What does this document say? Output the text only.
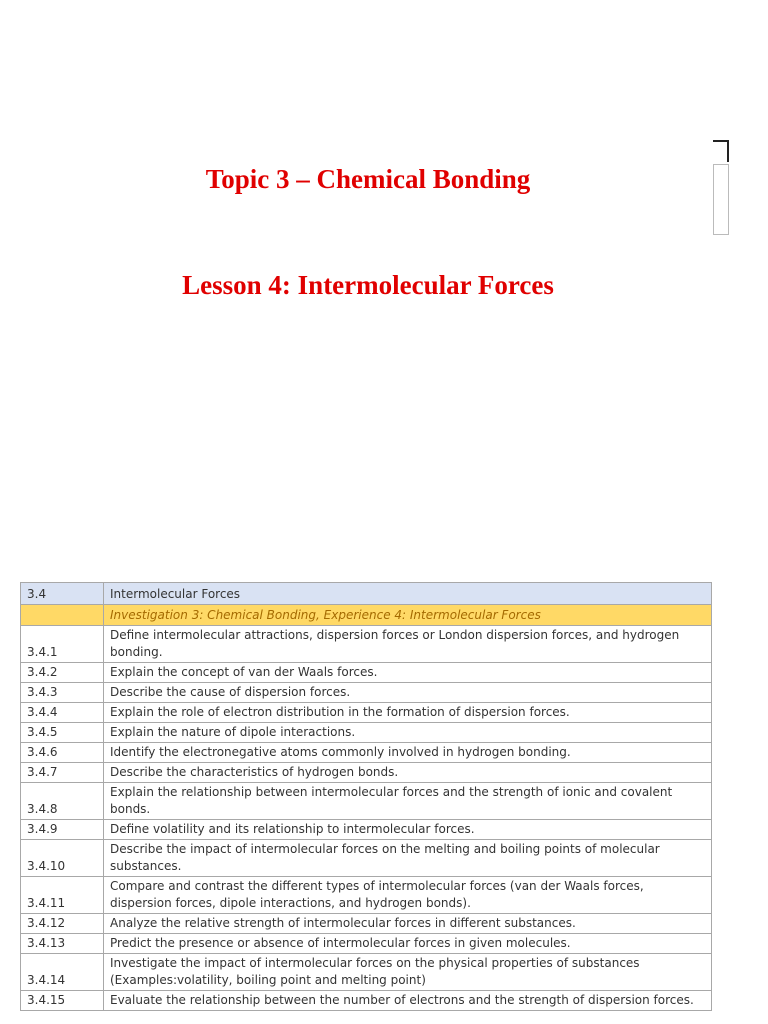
Topic 3 – Chemical Bonding
Lesson 4: Intermolecular Forces
3.4	Intermolecular Forces
	Investigation 3: Chemical Bonding, Experience 4: Intermolecular Forces
3.4.1	Define intermolecular attractions, dispersion forces or London dispersion forces, and hydrogen bonding.
3.4.2	Explain the concept of van der Waals forces.
3.4.3	Describe the cause of dispersion forces.
3.4.4	Explain the role of electron distribution in the formation of dispersion forces.
3.4.5	Explain the nature of dipole interactions.
3.4.6	Identify the electronegative atoms commonly involved in hydrogen bonding.
3.4.7	Describe the characteristics of hydrogen bonds.
3.4.8	Explain the relationship between intermolecular forces and the strength of ionic and covalent bonds.
3.4.9	Define volatility and its relationship to intermolecular forces.
3.4.10	Describe the impact of intermolecular forces on the melting and boiling points of molecular substances.
3.4.11	Compare and contrast the different types of intermolecular forces (van der Waals forces, dispersion forces, dipole interactions, and hydrogen bonds).
3.4.12	Analyze the relative strength of intermolecular forces in different substances.
3.4.13	Predict the presence or absence of intermolecular forces in given molecules.
3.4.14	Investigate the impact of intermolecular forces on the physical properties of substances (Examples:volatility, boiling point and melting point)
3.4.15	Evaluate the relationship between the number of electrons and the strength of dispersion forces.
